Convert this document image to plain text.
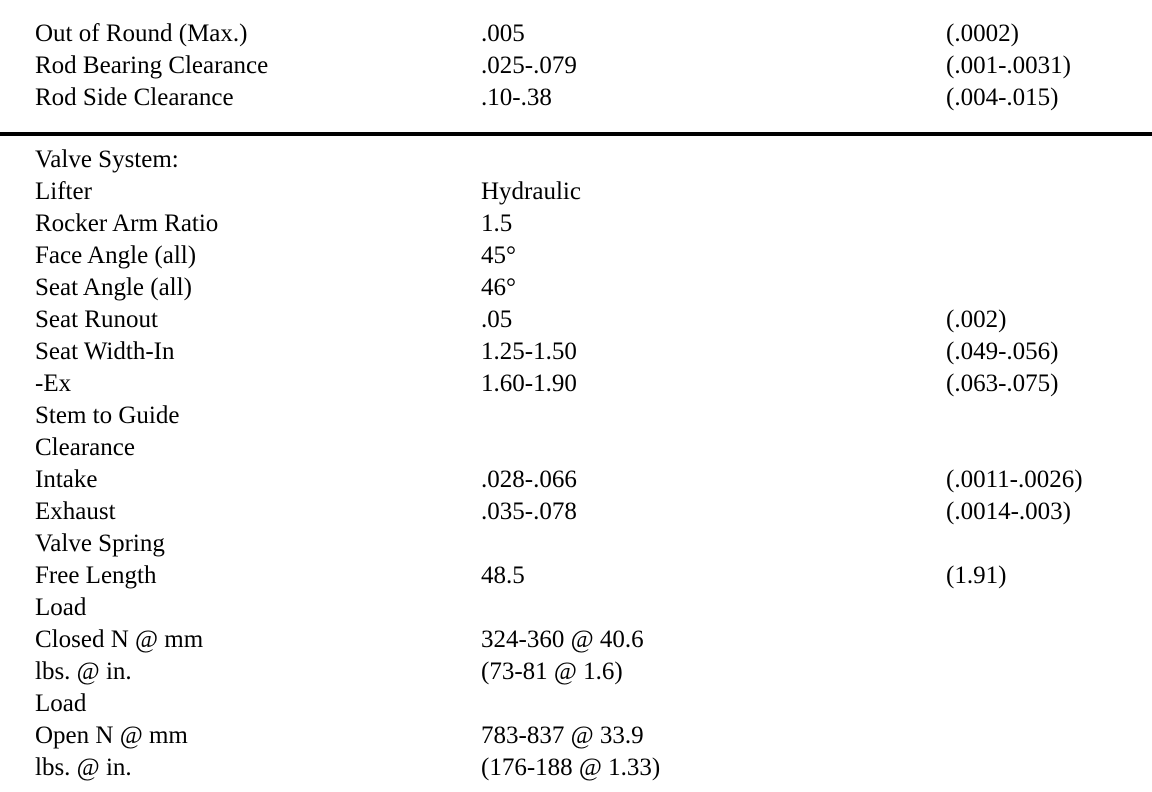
Out of Round (Max.)	.005	(.0002)
Rod Bearing Clearance	.025-.079	(.001-.0031)
Rod Side Clearance	.10-.38	(.004-.015)
Valve System:
Lifter	Hydraulic
Rocker Arm Ratio	1.5
Face Angle (all)	45°
Seat Angle (all)	46°
Seat Runout	.05	(.002)
Seat Width-In	1.25-1.50	(.049-.056)
-Ex	1.60-1.90	(.063-.075)
Stem to Guide
Clearance
Intake	.028-.066	(.0011-.0026)
Exhaust	.035-.078	(.0014-.003)
Valve Spring
Free Length	48.5	(1.91)
Load
Closed N @ mm	324-360 @ 40.6
lbs. @ in.	(73-81 @ 1.6)
Load
Open N @ mm	783-837 @ 33.9
lbs. @ in.	(176-188 @ 1.33)
